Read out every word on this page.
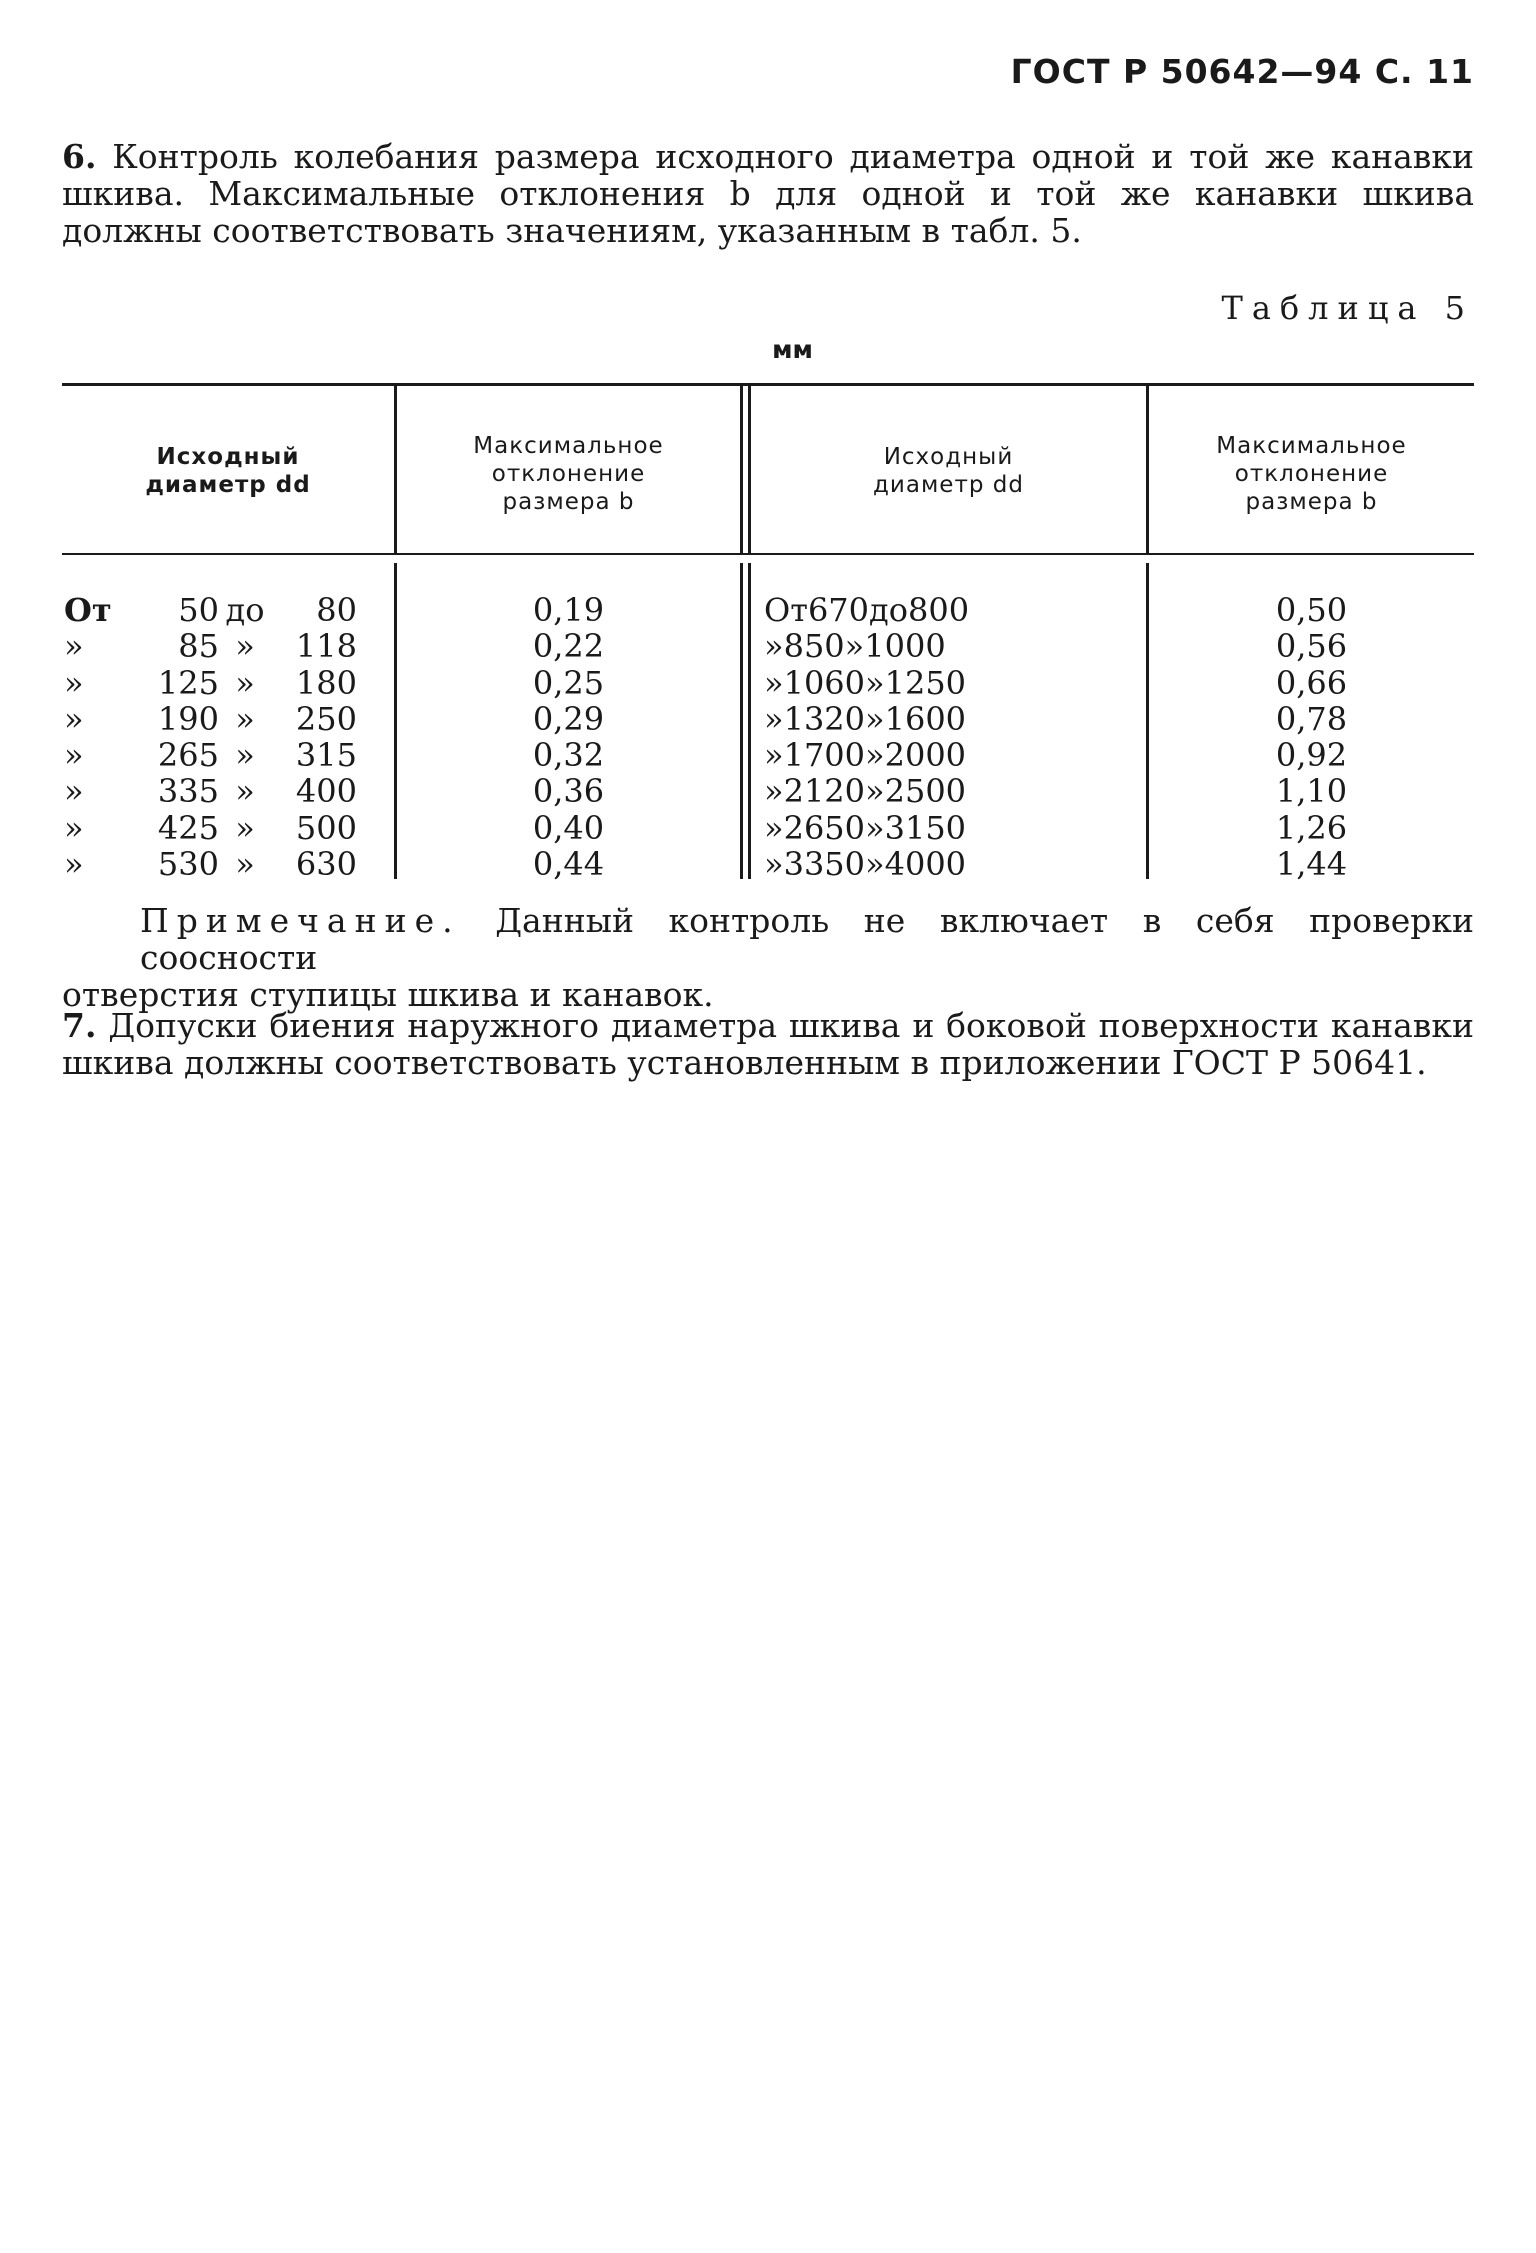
ГОСТ Р 50642—94 С. 11
6. Контроль колебания размера исходного диаметра одной и той же канавки шкива. Максимальные отклонения b для одной и той же канавки шкива должны соответствовать значениям, указанным в табл. 5.
Таблица 5
мм
Исходный
диаметр dd
Максимальное
отклонение
размера b
Исходный
диаметр dd
Максимальное
отклонение
размера b
От 50 до 80
»	85 » 118
» 125 » 180
» 190 » 250
» 265 » 315
» 335 » 400
» 425 » 500
» 530 » 630
0,19
0,22
0,25
0,29
0,32
0,36
0,40
0,44
От670до800
»850»1000
»1060»1250
»1320»1600
»1700»2000
»2120»2500
»2650»3150
»3350»4000
0,50
0,56
0,66
0,78
0,92
1,10
1,26
1,44
Примечание. Данный контроль не включает в себя проверки соосности
отверстия ступицы шкива и канавок.
7. Допуски биения наружного диаметра шкива и боковой поверхности канавки шкива должны соответствовать установленным в приложении ГОСТ Р 50641.
